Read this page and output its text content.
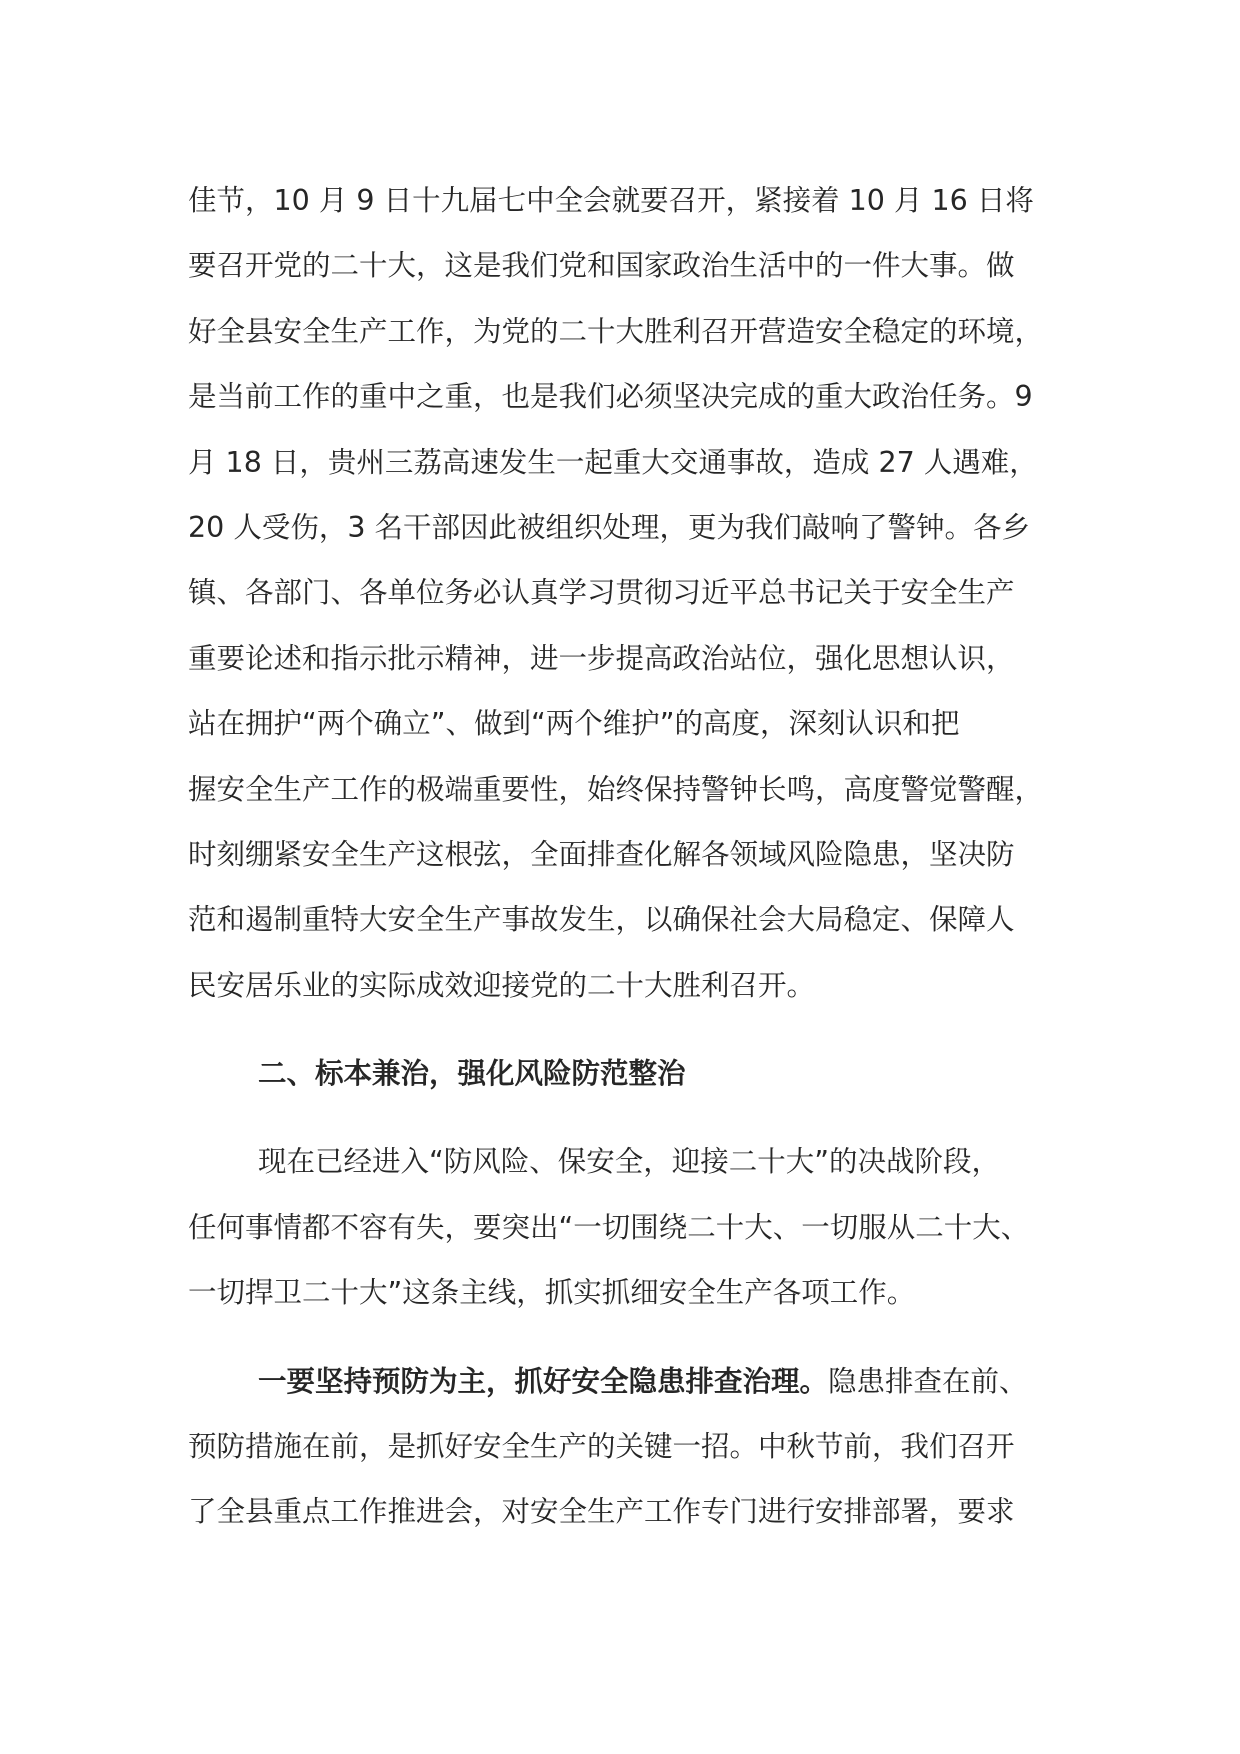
佳节，10 月 9 日十九届七中全会就要召开，紧接着 10 月 16 日将
要召开党的二十大，这是我们党和国家政治生活中的一件大事。做
好全县安全生产工作，为党的二十大胜利召开营造安全稳定的环境，
是当前工作的重中之重，也是我们必须坚决完成的重大政治任务。9
月 18 日，贵州三荔高速发生一起重大交通事故，造成 27 人遇难，
20 人受伤，3 名干部因此被组织处理，更为我们敲响了警钟。各乡
镇、各部门、各单位务必认真学习贯彻习近平总书记关于安全生产
重要论述和指示批示精神，进一步提高政治站位，强化思想认识，
站在拥护“两个确立”、做到“两个维护”的高度，深刻认识和把
握安全生产工作的极端重要性，始终保持警钟长鸣，高度警觉警醒，
时刻绷紧安全生产这根弦，全面排查化解各领域风险隐患，坚决防
范和遏制重特大安全生产事故发生，以确保社会大局稳定、保障人
民安居乐业的实际成效迎接党的二十大胜利召开。
二、标本兼治，强化风险防范整治
现在已经进入“防风险、保安全，迎接二十大”的决战阶段，
任何事情都不容有失，要突出“一切围绕二十大、一切服从二十大、
一切捍卫二十大”这条主线，抓实抓细安全生产各项工作。
一要坚持预防为主，抓好安全隐患排查治理。隐患排查在前、
预防措施在前，是抓好安全生产的关键一招。中秋节前，我们召开
了全县重点工作推进会，对安全生产工作专门进行安排部署，要求
